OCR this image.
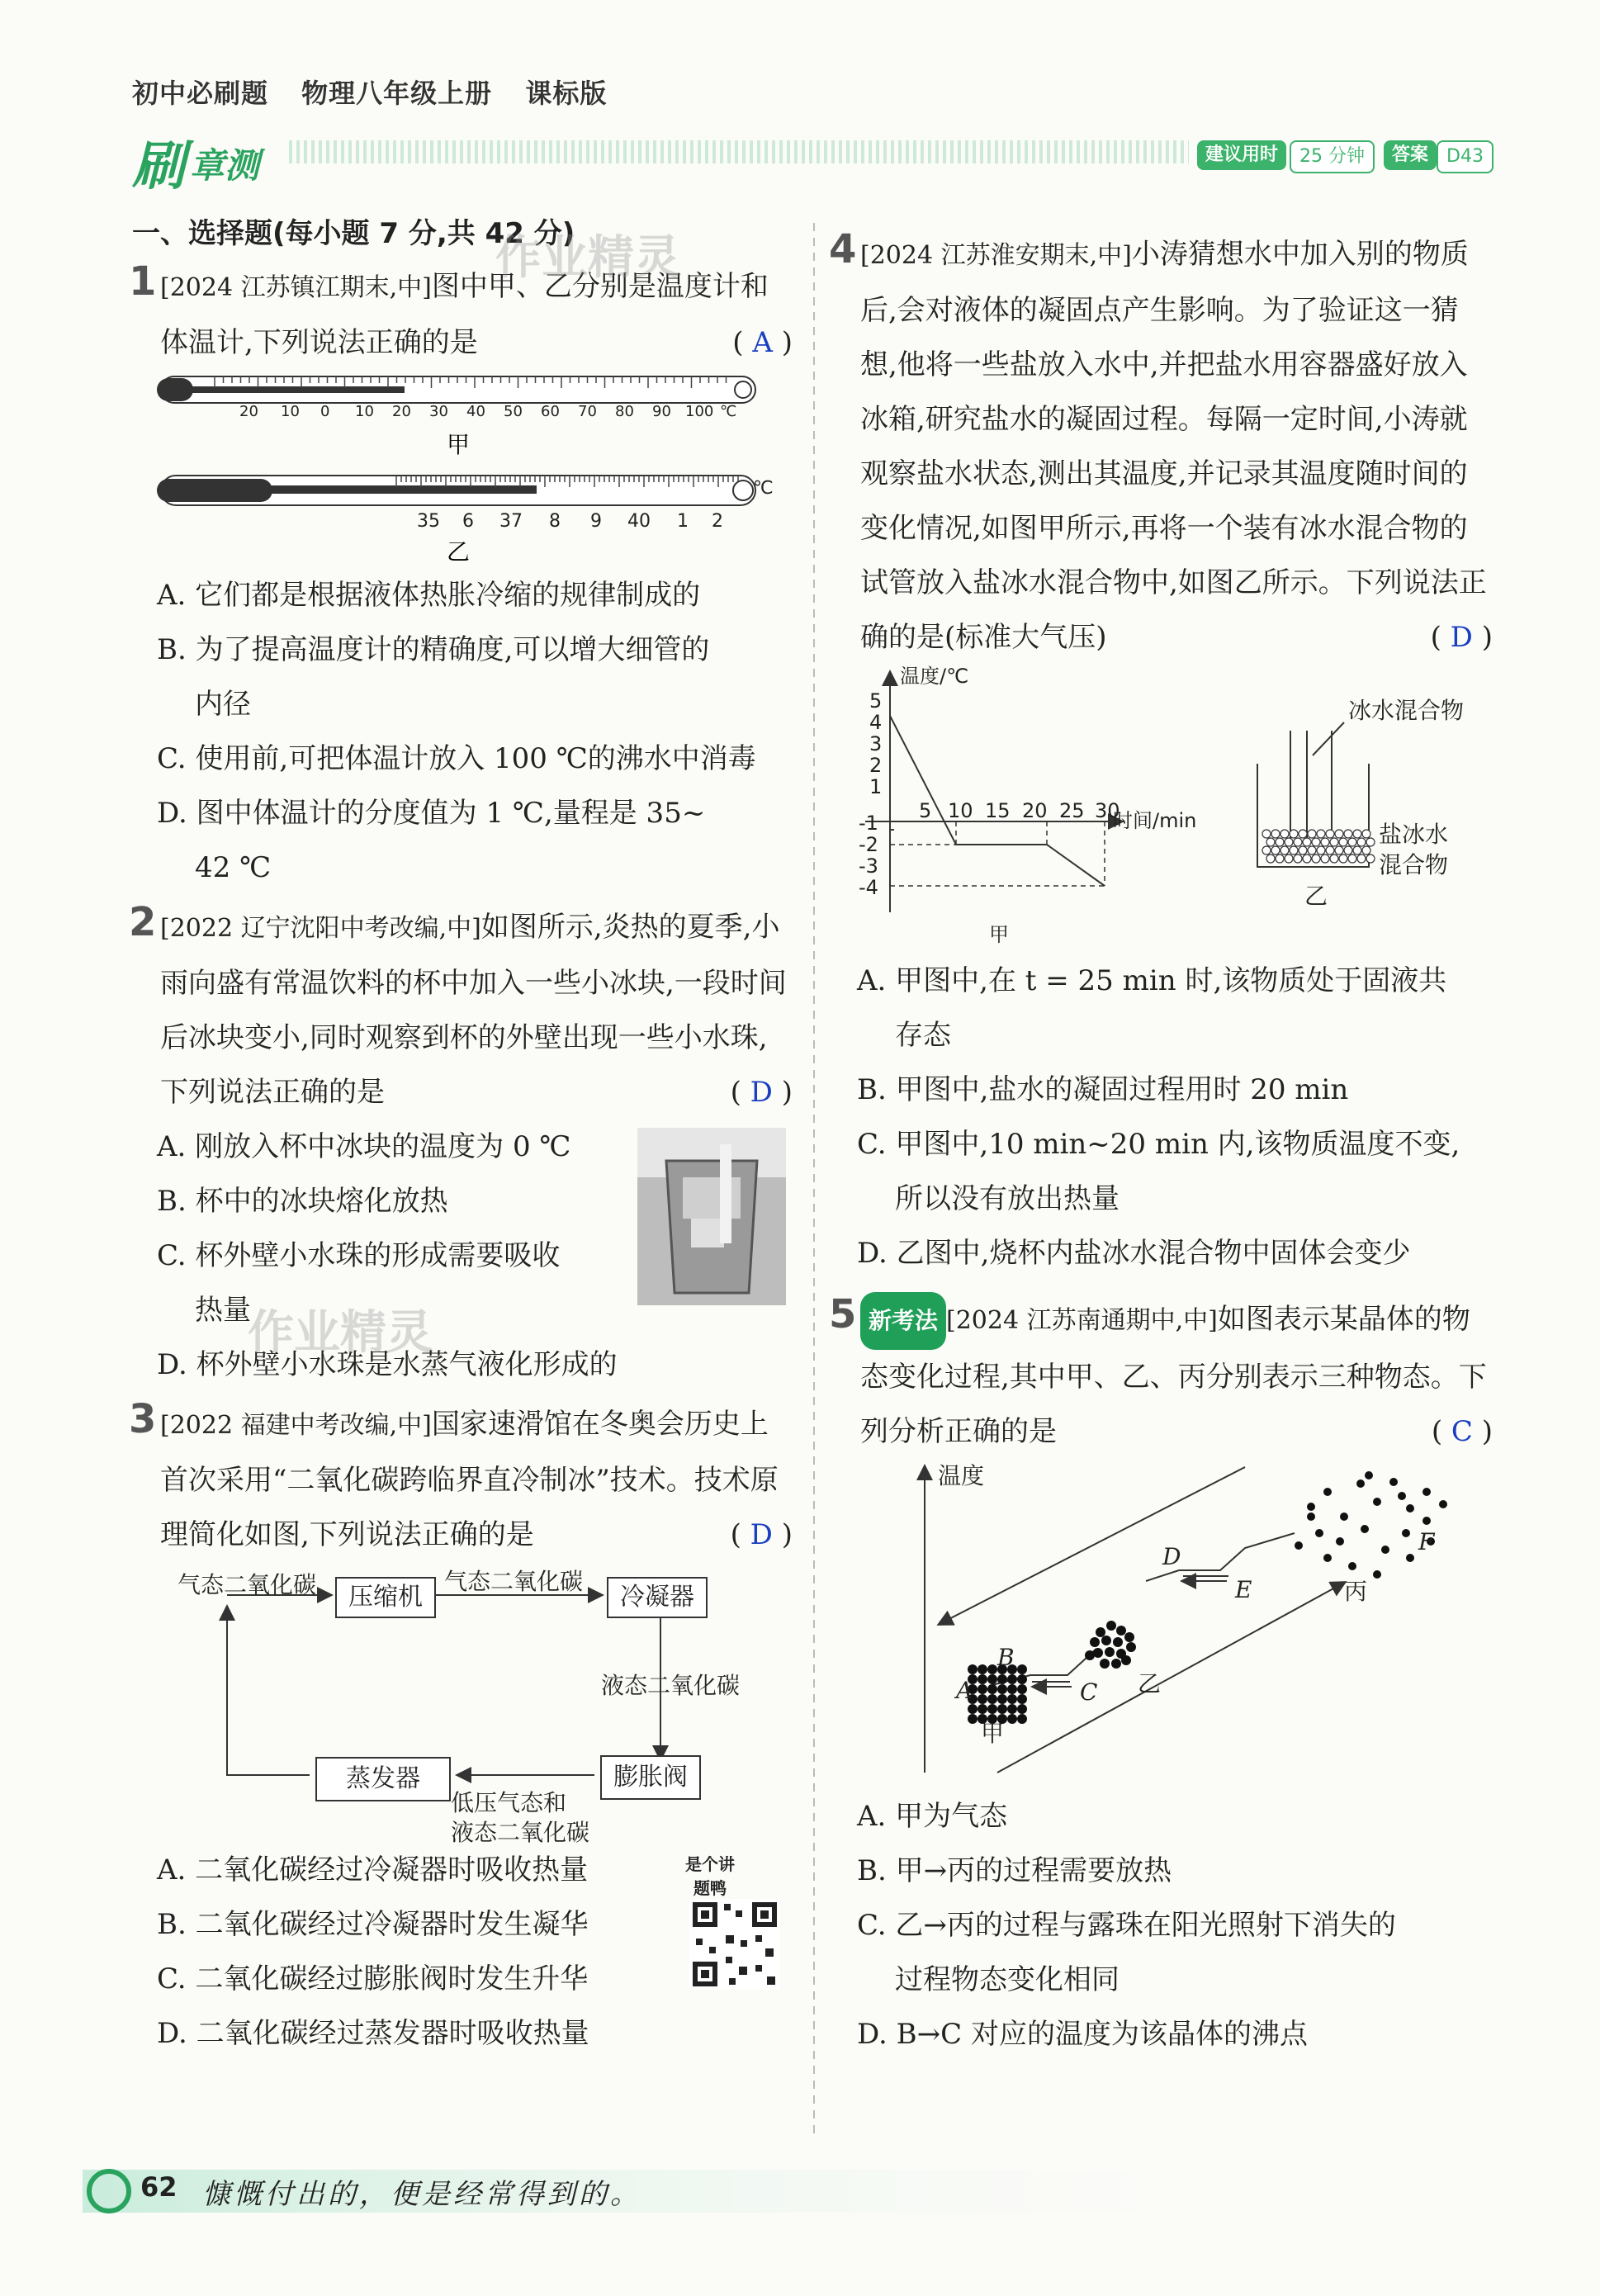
初中必刷题 物理八年级上册 课标版
刷章测	建议用时	25 分钟	答案 D43
一、选择题(每小题 7 分,共 42 分)
1 [2024 江苏镇江期末,中]图中甲、乙分别是温度计和体温计,下列说法正确的是	( A )
20 10 0 10 20 30 40 50 60 70 80 90 100 ℃
甲
35 6 37 8 9 40 1 2
℃
乙
A. 它们都是根据液体热胀冷缩的规律制成的
B. 为了提高温度计的精确度,可以增大细管的
内径
C. 使用前,可把体温计放入 100 ℃的沸水中消毒
D. 图中体温计的分度值为 1 ℃,量程是 35~
42 ℃
2 [2022 辽宁沈阳中考改编,中]如图所示,炎热的夏季,小雨向盛有常温饮料的杯中加入一些小冰块,一段时间后冰块变小,同时观察到杯的外壁出现一些小水珠,下列说法正确的是	( D )
A. 刚放入杯中冰块的温度为 0 ℃
B. 杯中的冰块熔化放热
C. 杯外壁小水珠的形成需要吸收
热量
D. 杯外壁小水珠是水蒸气液化形成的
3 [2022 福建中考改编,中]国家速滑馆在冬奥会历史上首次采用“二氧化碳跨临界直冷制冰”技术。技术原理简化如图,下列说法正确的是	( D )
气态二氧化碳	压缩机
气态二氧化碳
冷凝器
液态二氧化碳
膨胀阀
蒸发器
低压气态和
液态二氧化碳
是个讲题鸭
A. 二氧化碳经过冷凝器时吸收热量
B. 二氧化碳经过冷凝器时发生凝华
C. 二氧化碳经过膨胀阀时发生升华
D. 二氧化碳经过蒸发器时吸收热量
4 [2024 江苏淮安期末,中]小涛猜想水中加入别的物质后,会对液体的凝固点产生影响。为了验证这一猜想,他将一些盐放入水中,并把盐水用容器盛好放入冰箱,研究盐水的凝固过程。每隔一定时间,小涛就观察盐水状态,测出其温度,并记录其温度随时间的变化情况,如图甲所示,再将一个装有冰水混合物的试管放入盐冰水混合物中,如图乙所示。下列说法正确的是(标准大气压)	( D )
温度/℃
时间/min
5
4
3
2
1
-1
-2
-3
-4
5 10 15 20 25 30
甲
冰水混合物
盐冰水
混合物
乙
A. 甲图中,在 t = 25 min 时,该物质处于固液共
存态
B. 甲图中,盐水的凝固过程用时 20 min
C. 甲图中,10 min~20 min 内,该物质温度不变,
所以没有放出热量
D. 乙图中,烧杯内盐冰水混合物中固体会变少
5 新考法 [2024 江苏南通期中,中]如图表示某晶体的物态变化过程,其中甲、乙、丙分别表示三种物态。下列分析正确的是	( C )
温度
A
B
C
D
E
F
甲
乙
丙
A. 甲为气态
B. 甲→丙的过程需要放热
C. 乙→丙的过程与露珠在阳光照射下消失的
过程物态变化相同
D. B→C 对应的温度为该晶体的沸点
作业精灵
作业精灵
62 慷慨付出的，便是经常得到的。
